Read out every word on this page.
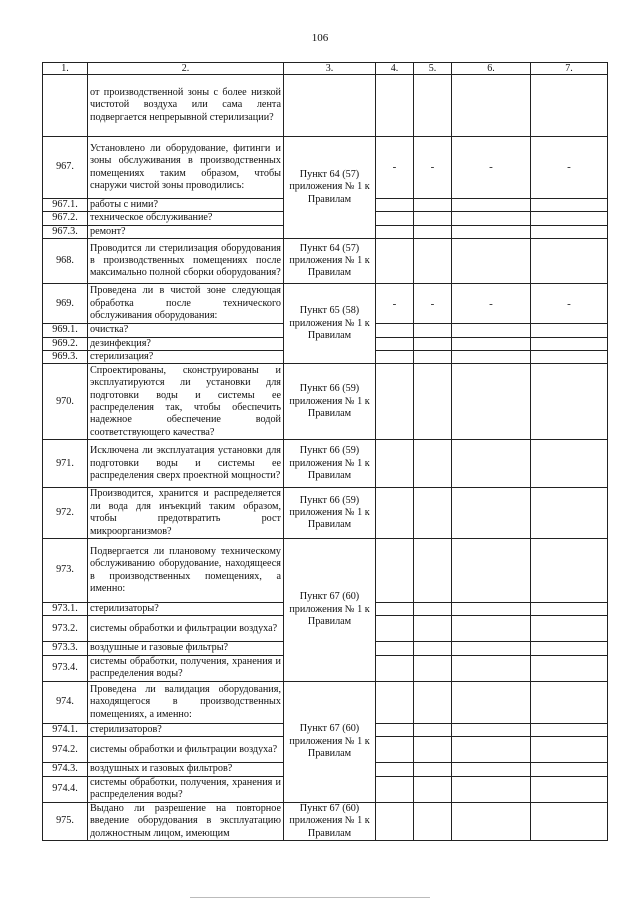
106
1.	2.	3.	4.	5.	6.	7.
	от производственной зоны с более низкой чистотой воздуха или сама лента подвергается непрерывной стерилизации?					
967.	Установлено ли оборудование, фитинги и зоны обслуживания в производственных помещениях таким образом, чтобы снаружи чистой зоны проводились:	Пункт 64 (57) приложения № 1 к Правилам	-	-	-	-
967.1.	работы с ними?					
967.2.	техническое обслуживание?					
967.3.	ремонт?					
968.	Проводится ли стерилизация оборудования в производственных помещениях после максимально полной сборки оборудования?	Пункт 64 (57) приложения № 1 к Правилам				
969.	Проведена ли в чистой зоне следующая обработка после технического обслуживания оборудования:	Пункт 65 (58) приложения № 1 к Правилам	-	-	-	-
969.1.	очистка?					
969.2.	дезинфекция?					
969.3.	стерилизация?					
970.	Спроектированы, сконструированы и эксплуатируются ли установки для подготовки воды и системы ее распределения так, чтобы обеспечить надежное обеспечение водой соответствующего качества?	Пункт 66 (59) приложения № 1 к Правилам				
971.	Исключена ли эксплуатация установки для подготовки воды и системы ее распределения сверх проектной мощности?	Пункт 66 (59) приложения № 1 к Правилам				
972.	Производится, хранится и распределяется ли вода для инъекций таким образом, чтобы предотвратить рост микроорганизмов?	Пункт 66 (59) приложения № 1 к Правилам				
973.	Подвергается ли плановому техническому обслуживанию оборудование, находящееся в производственных помещениях, а именно:	Пункт 67 (60) приложения № 1 к Правилам				
973.1.	стерилизаторы?					
973.2.	системы обработки и фильтрации воздуха?					
973.3.	воздушные и газовые фильтры?					
973.4.	системы обработки, получения, хранения и распределения воды?					
974.	Проведена ли валидация оборудования, находящегося в производственных помещениях, а именно:	Пункт 67 (60) приложения № 1 к Правилам				
974.1.	стерилизаторов?					
974.2.	системы обработки и фильтрации воздуха?					
974.3.	воздушных и газовых фильтров?					
974.4.	системы обработки, получения, хранения и распределения воды?					
975.	Выдано ли разрешение на повторное введение оборудования в эксплуатацию должностным лицом, имеющим	Пункт 67 (60) приложения № 1 к Правилам				
